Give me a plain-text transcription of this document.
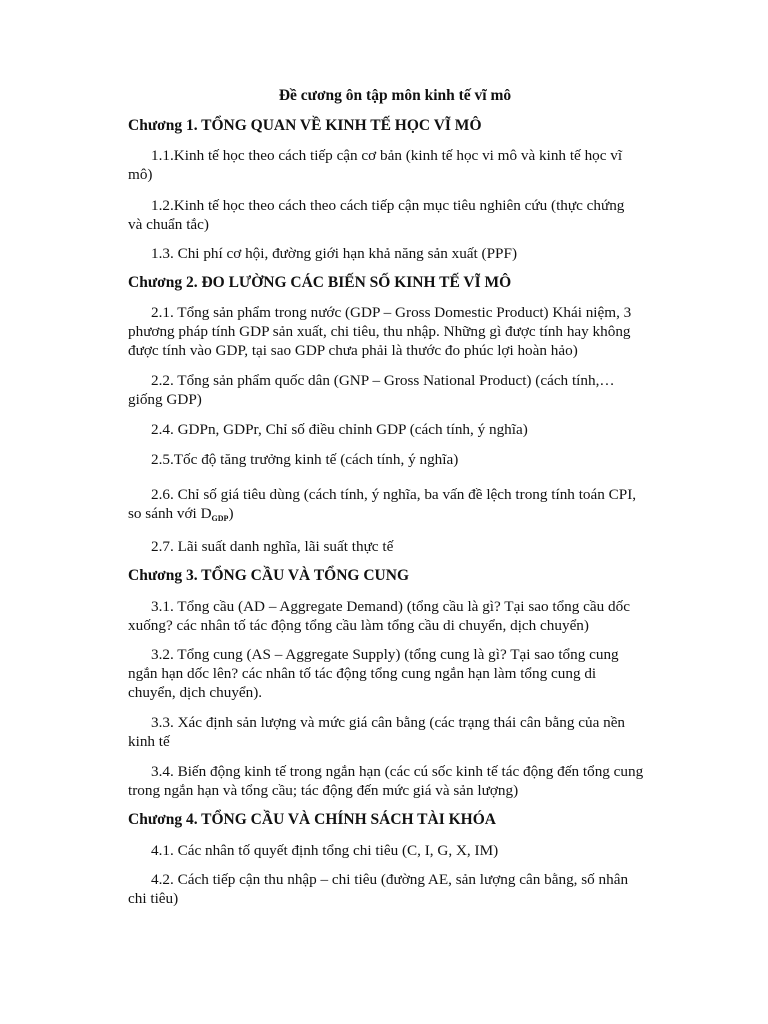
Đề cương ôn tập môn kinh tế vĩ mô
Chương 1. TỔNG QUAN VỀ KINH TẾ HỌC VĨ MÔ

1.1.Kinh tế học theo cách tiếp cận cơ bản (kinh tế học vi mô và kinh tế học vĩ
mô)

1.2.Kinh tế học theo cách theo cách tiếp cận mục tiêu nghiên cứu (thực chứng
và chuẩn tắc)

1.3. Chi phí cơ hội, đường giới hạn khả năng sản xuất (PPF)

Chương 2. ĐO LƯỜNG CÁC BIẾN SỐ KINH TẾ VĨ MÔ

2.1. Tổng sản phẩm trong nước (GDP – Gross Domestic Product) Khái niệm, 3
phương pháp tính GDP sản xuất, chi tiêu, thu nhập. Những gì được tính hay không
được tính vào GDP, tại sao GDP chưa phải là thước đo phúc lợi hoàn hảo)

2.2. Tổng sản phẩm quốc dân (GNP – Gross National Product) (cách tính,…
giống GDP)

2.4. GDPn, GDPr, Chỉ số điều chỉnh GDP (cách tính, ý nghĩa)

2.5.Tốc độ tăng trưởng kinh tế (cách tính, ý nghĩa)

2.6. Chỉ số giá tiêu dùng (cách tính, ý nghĩa, ba vấn đề lệch trong tính toán CPI,
so sánh với $D_{GDP}$)

2.7. Lãi suất danh nghĩa, lãi suất thực tế

Chương 3. TỔNG CẦU VÀ TỔNG CUNG

3.1. Tổng cầu (AD – Aggregate Demand) (tổng cầu là gì? Tại sao tổng cầu dốc
xuống? các nhân tố tác động tổng cầu làm tổng cầu di chuyển, dịch chuyển)

3.2. Tổng cung (AS – Aggregate Supply) (tổng cung là gì? Tại sao tổng cung
ngắn hạn dốc lên? các nhân tố tác động tổng cung ngắn hạn làm tổng cung di
chuyển, dịch chuyển).

3.3. Xác định sản lượng và mức giá cân bằng (các trạng thái cân bằng của nền
kinh tế

3.4. Biến động kinh tế trong ngắn hạn (các cú sốc kinh tế tác động đến tổng cung
trong ngắn hạn và tổng cầu; tác động đến mức giá và sản lượng)

Chương 4. TỔNG CẦU VÀ CHÍNH SÁCH TÀI KHÓA

4.1. Các nhân tố quyết định tổng chi tiêu (C, I, G, X, IM)

4.2. Cách tiếp cận thu nhập – chi tiêu (đường AE, sản lượng cân bằng, số nhân
chi tiêu)
